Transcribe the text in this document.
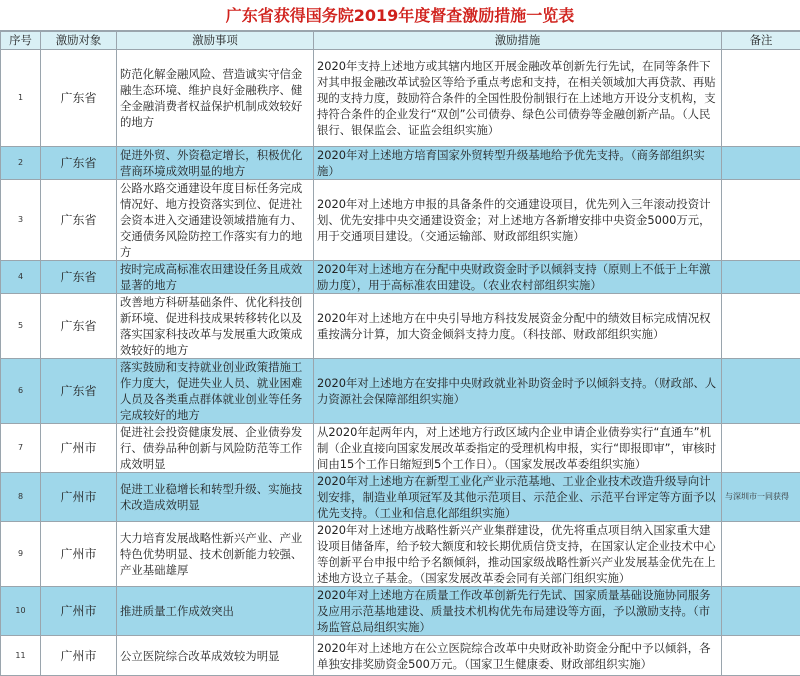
广东省获得国务院2019年度督查激励措施一览表
序号	激励对象	激励事项	激励措施	备注
1	广东省	防范化解金融风险、营造诚实守信金融生态环境、维护良好金融秩序、健全金融消费者权益保护机制成效较好的地方	2020年支持上述地方或其辖内地区开展金融改革创新先行先试，在同等条件下对其申报金融改革试验区等给予重点考虑和支持，在相关领域加大再贷款、再贴现的支持力度，鼓励符合条件的全国性股份制银行在上述地方开设分支机构，支持符合条件的企业发行“双创”公司债券、绿色公司债券等金融创新产品。（人民银行、银保监会、证监会组织实施）	

2	广东省	促进外贸、外资稳定增长，积极优化营商环境成效明显的地方	2020年对上述地方培育国家外贸转型升级基地给予优先支持。（商务部组织实施）	

3	广东省	公路水路交通建设年度目标任务完成情况好、地方投资落实到位、促进社会资本进入交通建设领域措施有力、交通债务风险防控工作落实有力的地方	2020年对上述地方申报的具备条件的交通建设项目，优先列入三年滚动投资计划、优先安排中央交通建设资金；对上述地方各新增安排中央资金5000万元，用于交通项目建设。（交通运输部、财政部组织实施）	

4	广东省	按时完成高标准农田建设任务且成效显著的地方	2020年对上述地方在分配中央财政资金时予以倾斜支持（原则上不低于上年激励力度），用于高标准农田建设。（农业农村部组织实施）	

5	广东省	改善地方科研基础条件、优化科技创新环境、促进科技成果转移转化以及落实国家科技改革与发展重大政策成效较好的地方	2020年对上述地方在中央引导地方科技发展资金分配中的绩效目标完成情况权重按满分计算，加大资金倾斜支持力度。（科技部、财政部组织实施）	

6	广东省	落实鼓励和支持就业创业政策措施工作力度大，促进失业人员、就业困难人员及各类重点群体就业创业等任务完成较好的地方	2020年对上述地方在安排中央财政就业补助资金时予以倾斜支持。（财政部、人力资源社会保障部组织实施）	

7	广州市	促进社会投资健康发展、企业债券发行、债券品种创新与风险防范等工作成效明显	从2020年起两年内，对上述地方行政区域内企业申请企业债券实行“直通车”机制（企业直接向国家发展改革委指定的受理机构申报，实行“即报即审”，审核时间由15个工作日缩短到5个工作日）。（国家发展改革委组织实施）	

8	广州市	促进工业稳增长和转型升级、实施技术改造成效明显	2020年对上述地方在新型工业化产业示范基地、工业企业技术改造升级导向计划安排，制造业单项冠军及其他示范项目、示范企业、示范平台评定等方面予以优先支持。（工业和信息化部组织实施）	与深圳市一同获得
9	广州市	大力培育发展战略性新兴产业、产业特色优势明显、技术创新能力较强、产业基础雄厚	2020年对上述地方战略性新兴产业集群建设，优先将重点项目纳入国家重大建设项目储备库，给予较大额度和较长期优质信贷支持，在国家认定企业技术中心等创新平台申报中给予名额倾斜，推动国家级战略性新兴产业发展基金优先在上述地方设立子基金。（国家发展改革委会同有关部门组织实施）	

10	广州市	推进质量工作成效突出	2020年对上述地方在质量工作改革创新先行先试、国家质量基础设施协同服务及应用示范基地建设、质量技术机构优先布局建设等方面，予以激励支持。（市场监管总局组织实施）	

11	广州市	公立医院综合改革成效较为明显	2020年对上述地方在公立医院综合改革中央财政补助资金分配中予以倾斜，各单独安排奖励资金500万元。（国家卫生健康委、财政部组织实施）	
